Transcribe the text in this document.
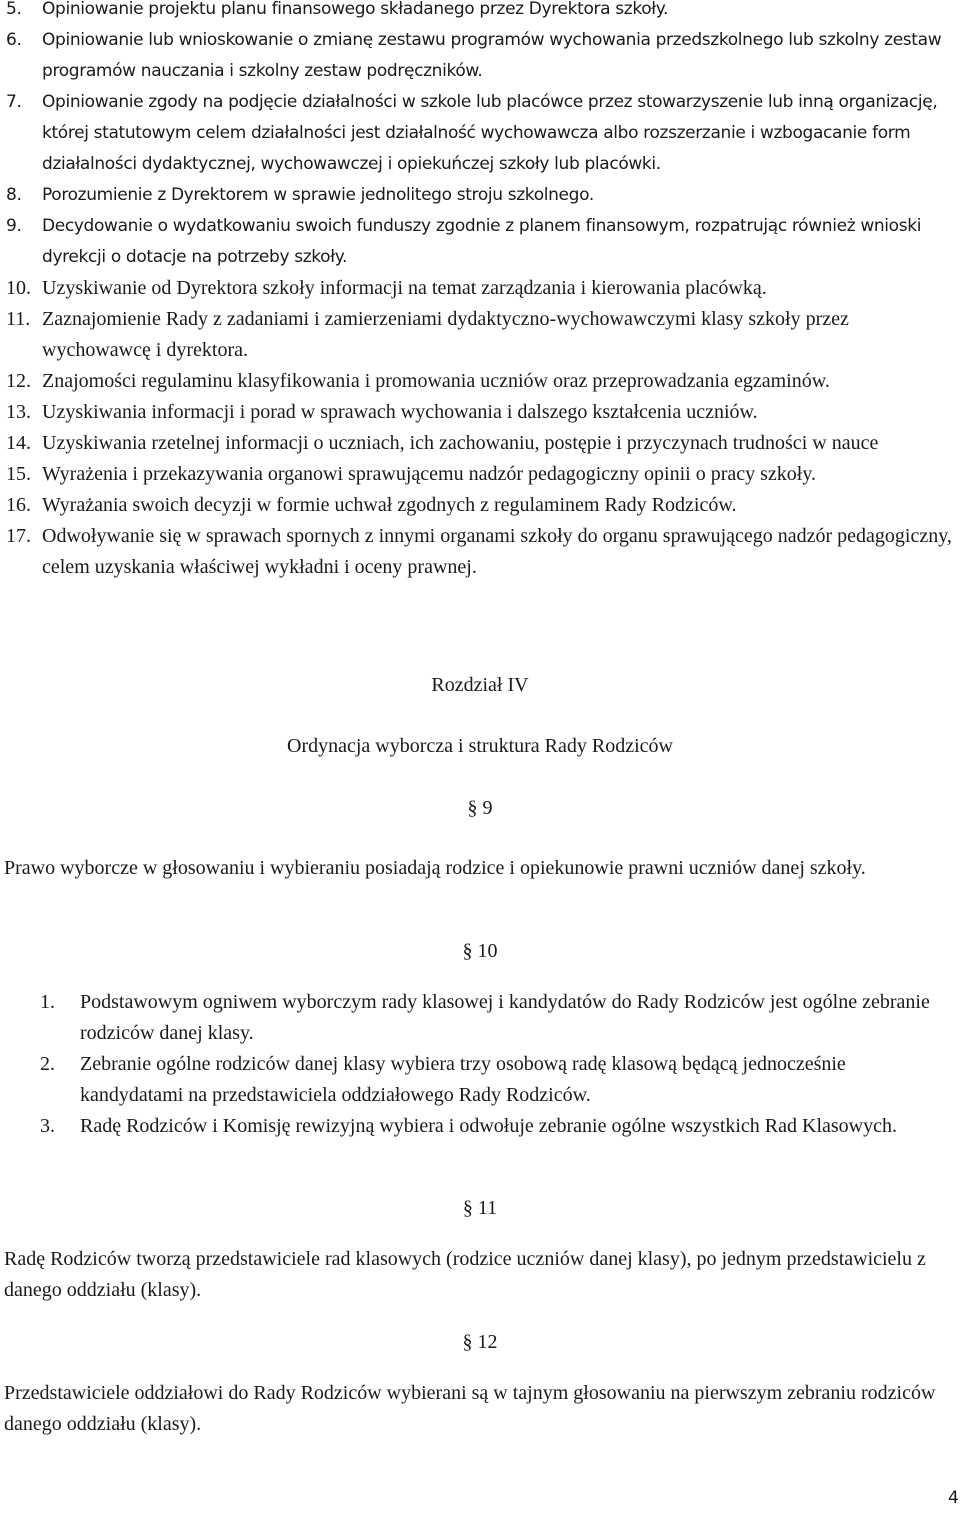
5. Opiniowanie projektu planu finansowego składanego przez Dyrektora szkoły.
6. Opiniowanie lub wnioskowanie o zmianę zestawu programów wychowania przedszkolnego lub szkolny zestaw programów nauczania i szkolny zestaw podręczników.
7. Opiniowanie zgody na podjęcie działalności w szkole lub placówce przez stowarzyszenie lub inną organizację, której statutowym celem działalności jest działalność wychowawcza albo rozszerzanie i wzbogacanie form działalności dydaktycznej, wychowawczej i opiekuńczej szkoły lub placówki.
8. Porozumienie z Dyrektorem w sprawie jednolitego stroju szkolnego.
9. Decydowanie o wydatkowaniu swoich funduszy zgodnie z planem finansowym, rozpatrując również wnioski dyrekcji o dotacje na potrzeby szkoły.
10. Uzyskiwanie od Dyrektora szkoły informacji na temat zarządzania i kierowania placówką.
11. Zaznajomienie Rady z zadaniami i zamierzeniami dydaktyczno-wychowawczymi klasy szkoły przez wychowawcę i dyrektora.
12. Znajomości regulaminu klasyfikowania i promowania uczniów oraz przeprowadzania egzaminów.
13. Uzyskiwania informacji i porad w sprawach wychowania i dalszego kształcenia uczniów.
14. Uzyskiwania rzetelnej informacji o uczniach, ich zachowaniu, postępie i przyczynach trudności w nauce
15. Wyrażenia i przekazywania organowi sprawującemu nadzór pedagogiczny opinii o pracy szkoły.
16. Wyrażania swoich decyzji w formie uchwał zgodnych z regulaminem Rady Rodziców.
17. Odwoływanie się w sprawach spornych z innymi organami szkoły do organu sprawującego nadzór pedagogiczny, celem uzyskania właściwej wykładni i oceny prawnej.
Rozdział IV
Ordynacja wyborcza i struktura Rady Rodziców
§ 9
Prawo wyborcze w głosowaniu i wybieraniu posiadają rodzice i opiekunowie prawni uczniów danej szkoły.
§ 10
1. Podstawowym ogniwem wyborczym rady klasowej i kandydatów do Rady Rodziców jest ogólne zebranie rodziców danej klasy.
2. Zebranie ogólne rodziców danej klasy wybiera trzy osobową radę klasową będącą jednocześnie kandydatami na przedstawiciela oddziałowego Rady Rodziców.
3. Radę Rodziców i Komisję rewizyjną wybiera i odwołuje zebranie ogólne wszystkich Rad Klasowych.
§ 11
Radę Rodziców tworzą przedstawiciele rad klasowych (rodzice uczniów danej klasy), po jednym przedstawicielu z danego oddziału (klasy).
§ 12
Przedstawiciele oddziałowi do Rady Rodziców wybierani są w tajnym głosowaniu na pierwszym zebraniu rodziców danego oddziału (klasy).
4
